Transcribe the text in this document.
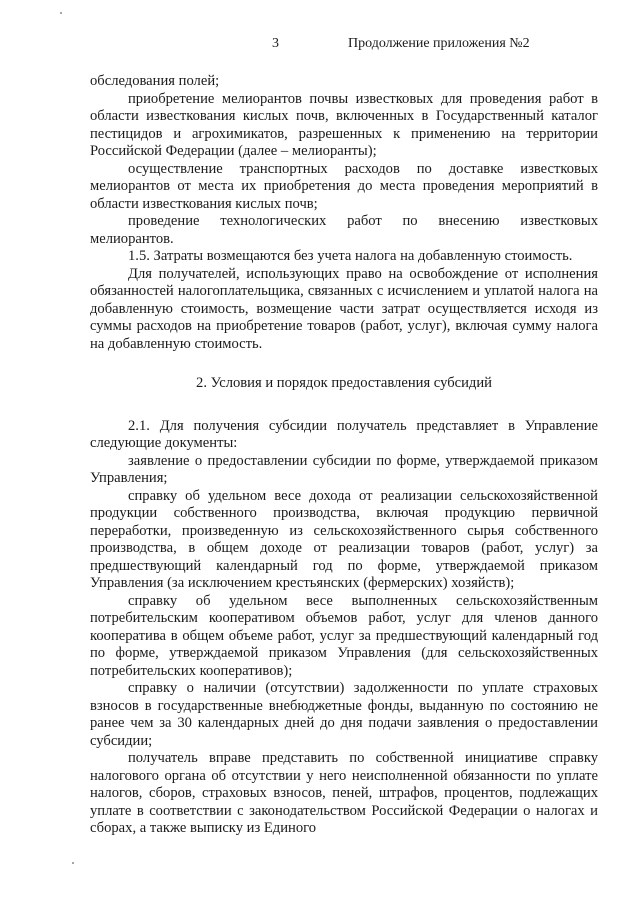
3	Продолжение приложения №2

обследования полей;

приобретение мелиорантов почвы известковых для проведения работ в области известкования кислых почв, включенных в Государственный каталог пестицидов и агрохимикатов, разрешенных к применению на территории Российской Федерации (далее – мелиоранты);

осуществление транспортных расходов по доставке известковых мелиорантов от места их приобретения до места проведения мероприятий в области известкования кислых почв;

проведение технологических работ по внесению известковых мелиорантов.

1.5. Затраты возмещаются без учета налога на добавленную стоимость.

Для получателей, использующих право на освобождение от исполнения обязанностей налогоплательщика, связанных с исчислением и уплатой налога на добавленную стоимость, возмещение части затрат осуществляется исходя из суммы расходов на приобретение товаров (работ, услуг), включая сумму налога на добавленную стоимость.

2. Условия и порядок предоставления субсидий

2.1. Для получения субсидии получатель представляет в Управление следующие документы:

заявление о предоставлении субсидии по форме, утверждаемой приказом Управления;

справку об удельном весе дохода от реализации сельскохозяйственной продукции собственного производства, включая продукцию первичной переработки, произведенную из сельскохозяйственного сырья собственного производства, в общем доходе от реализации товаров (работ, услуг) за предшествующий календарный год по форме, утверждаемой приказом Управления (за исключением крестьянских (фермерских) хозяйств);

справку об удельном весе выполненных сельскохозяйственным потребительским кооперативом объемов работ, услуг для членов данного кооператива в общем объеме работ, услуг за предшествующий календарный год по форме, утверждаемой приказом Управления (для сельскохозяйственных потребительских кооперативов);

справку о наличии (отсутствии) задолженности по уплате страховых взносов в государственные внебюджетные фонды, выданную по состоянию не ранее чем за 30 календарных дней до дня подачи заявления о предоставлении субсидии;

получатель вправе представить по собственной инициативе справку налогового органа об отсутствии у него неисполненной обязанности по уплате налогов, сборов, страховых взносов, пеней, штрафов, процентов, подлежащих уплате в соответствии с законодательством Российской Федерации о налогах и сборах, а также выписку из Единого
